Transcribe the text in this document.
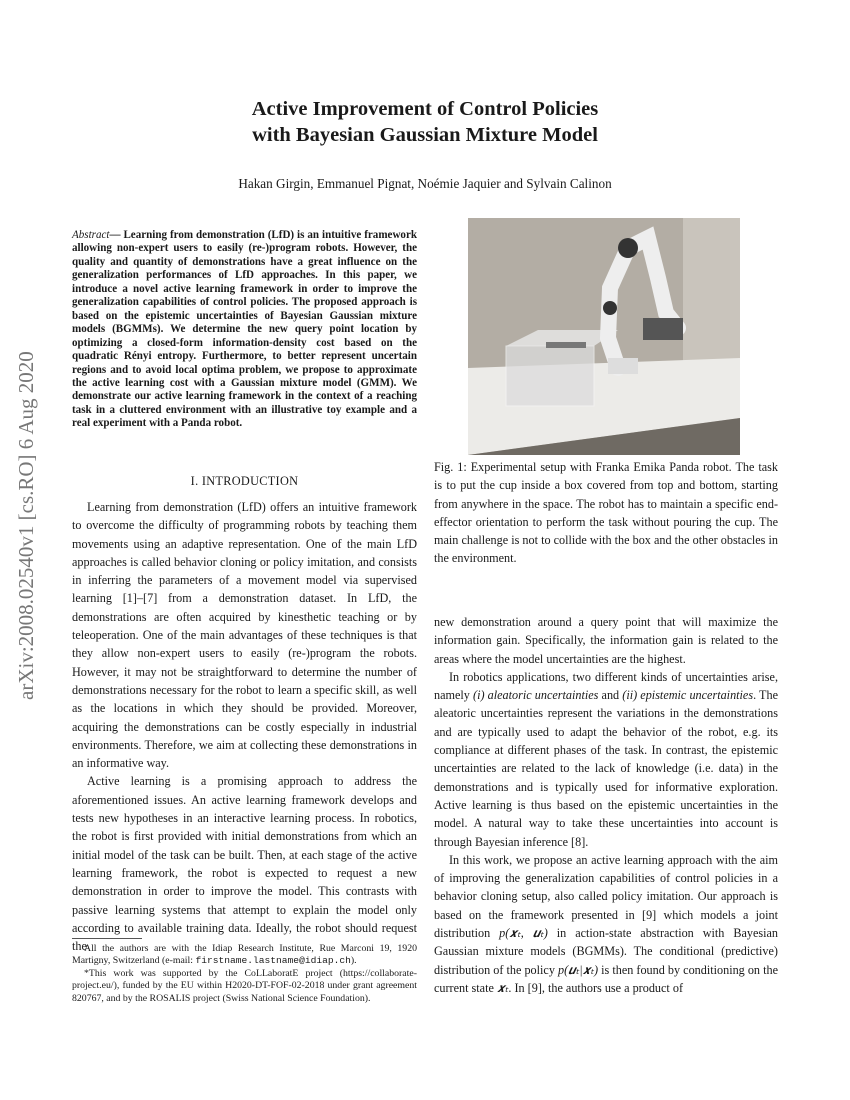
Active Improvement of Control Policies
with Bayesian Gaussian Mixture Model
Hakan Girgin, Emmanuel Pignat, Noémie Jaquier and Sylvain Calinon
arXiv:2008.02540v1 [cs.RO] 6 Aug 2020
Abstract— Learning from demonstration (LfD) is an intuitive framework allowing non-expert users to easily (re-)program robots. However, the quality and quantity of demonstrations have a great influence on the generalization performances of LfD approaches. In this paper, we introduce a novel active learning framework in order to improve the generalization capabilities of control policies. The proposed approach is based on the epistemic uncertainties of Bayesian Gaussian mixture models (BGMMs). We determine the new query point location by optimizing a closed-form information-density cost based on the quadratic Rényi entropy. Furthermore, to better represent uncertain regions and to avoid local optima problem, we propose to approximate the active learning cost with a Gaussian mixture model (GMM). We demonstrate our active learning framework in the context of a reaching task in a cluttered environment with an illustrative toy example and a real experiment with a Panda robot.
I. INTRODUCTION

Learning from demonstration (LfD) offers an intuitive framework to overcome the difficulty of programming robots by teaching them movements using an adaptive representation. One of the main LfD approaches is called behavior cloning or policy imitation, and consists in inferring the parameters of a movement model via supervised learning [1]–[7] from a demonstration dataset. In LfD, the demonstrations are often acquired by kinesthetic teaching or by teleoperation. One of the main advantages of these techniques is that they allow non-expert users to easily (re-)program the robots. However, it may not be straightforward to determine the number of demonstrations necessary for the robot to learn a specific skill, as well as the locations in which they should be provided. Moreover, acquiring the demonstrations can be costly especially in industrial environments. Therefore, we aim at collecting these demonstrations in an informative way.

Active learning is a promising approach to address the aforementioned issues. An active learning framework develops and tests new hypotheses in an interactive learning process. In robotics, the robot is first provided with initial demonstrations from which an initial model of the task can be built. Then, at each stage of the active learning framework, the robot is expected to request a new demonstration in order to improve the model. This contrasts with passive learning systems that attempt to explain the model only according to available training data. Ideally, the robot should request the

All the authors are with the Idiap Research Institute, Rue Marconi 19, 1920 Martigny, Switzerland (e-mail: firstname.lastname@idiap.ch).

*This work was supported by the CoLLaboratE project (https://collaborate-project.eu/), funded by the EU within H2020-DT-FOF-02-2018 under grant agreement 820767, and by the ROSALIS project (Swiss National Science Foundation).

Fig. 1: Experimental setup with Franka Emika Panda robot. The task is to put the cup inside a box covered from top and bottom, starting from anywhere in the space. The robot has to maintain a specific end-effector orientation to perform the task without pouring the cup. The main challenge is not to collide with the box and the other obstacles in the environment.

new demonstration around a query point that will maximize the information gain. Specifically, the information gain is related to the areas where the model uncertainties are the highest.

In robotics applications, two different kinds of uncertainties arise, namely (i) aleatoric uncertainties and (ii) epistemic uncertainties. The aleatoric uncertainties represent the variations in the demonstrations and are typically used to adapt the behavior of the robot, e.g. its compliance at different phases of the task. In contrast, the epistemic uncertainties are related to the lack of knowledge (i.e. data) in the demonstrations and is typically used for informative exploration. Active learning is thus based on the epistemic uncertainties in the model. A natural way to take these uncertainties into account is through Bayesian inference [8].

In this work, we propose an active learning approach with the aim of improving the generalization capabilities of control policies in a behavior cloning setup, also called policy imitation. Our approach is based on the framework presented in [9] which models a joint distribution p(𝒙ₜ, 𝒖ₜ) in action-state abstraction with Bayesian Gaussian mixture models (BGMMs). The conditional (predictive) distribution of the policy p(𝒖ₜ|𝒙ₜ) is then found by conditioning on the current state 𝒙ₜ. In [9], the authors use a product of
